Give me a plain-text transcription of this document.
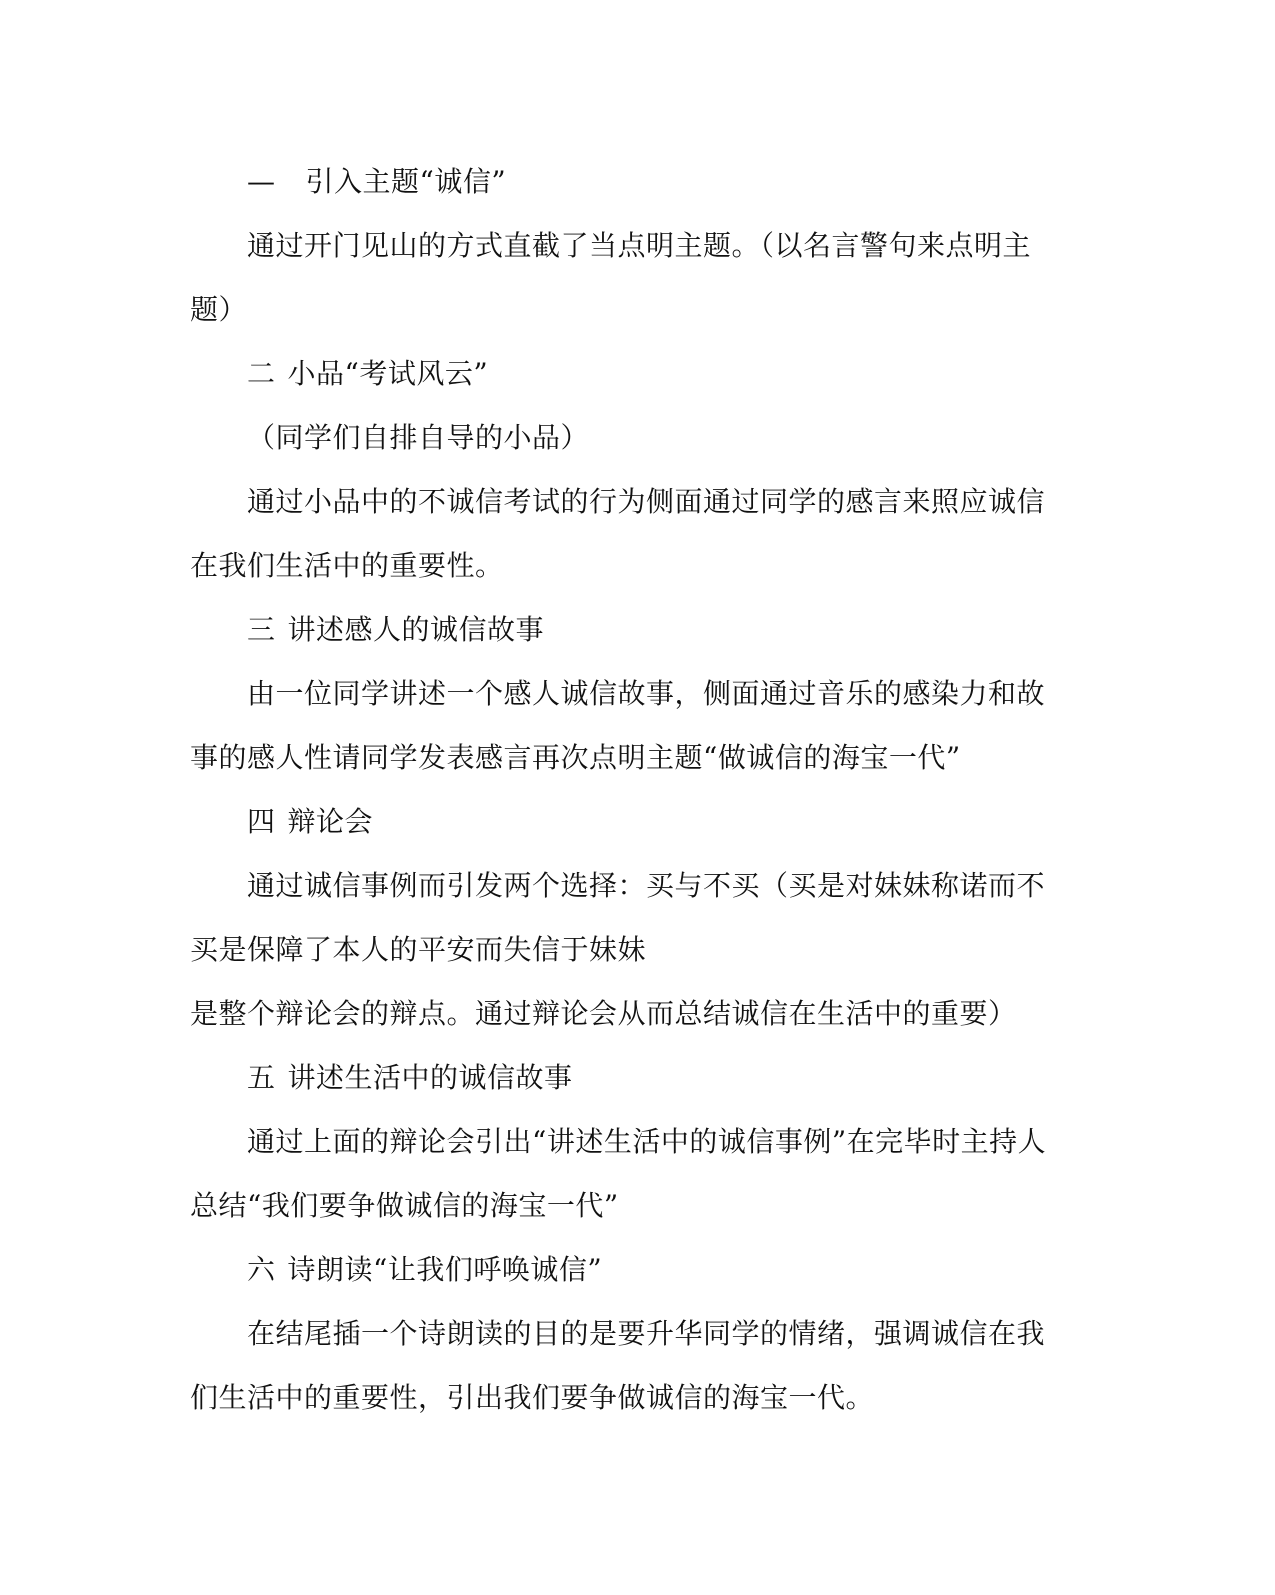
— 引入主题“诚信”
通过开门见山的方式直截了当点明主题。（以名言警句来点明主
题）
二 小品“考试风云”
（同学们自排自导的小品）
通过小品中的不诚信考试的行为侧面通过同学的感言来照应诚信
在我们生活中的重要性。
三 讲述感人的诚信故事
由一位同学讲述一个感人诚信故事，侧面通过音乐的感染力和故
事的感人性请同学发表感言再次点明主题“做诚信的海宝一代”
四 辩论会
通过诚信事例而引发两个选择：买与不买（买是对妹妹称诺而不
买是保障了本人的平安而失信于妹妹
是整个辩论会的辩点。通过辩论会从而总结诚信在生活中的重要）
五 讲述生活中的诚信故事
通过上面的辩论会引出“讲述生活中的诚信事例”在完毕时主持人
总结“我们要争做诚信的海宝一代”
六 诗朗读“让我们呼唤诚信”
在结尾插一个诗朗读的目的是要升华同学的情绪，强调诚信在我
们生活中的重要性，引出我们要争做诚信的海宝一代。
